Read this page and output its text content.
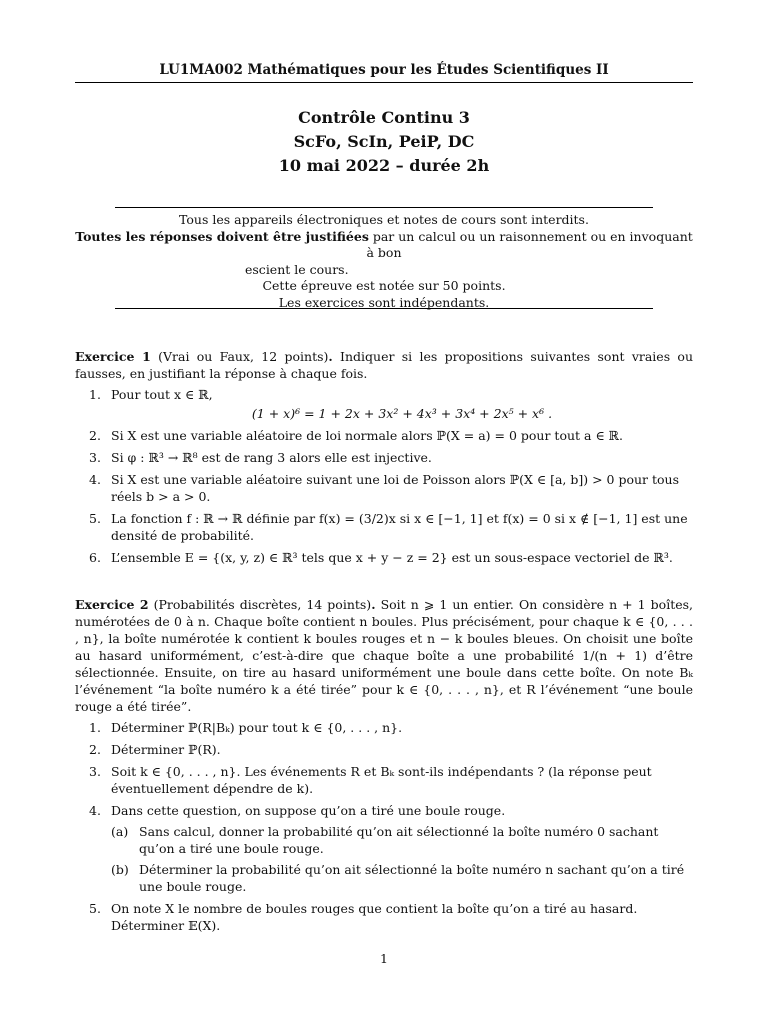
LU1MA002 Mathématiques pour les Études Scientifiques II
Contrôle Continu 3
ScFo, ScIn, PeiP, DC
10 mai 2022 – durée 2h
Tous les appareils électroniques et notes de cours sont interdits.
Toutes les réponses doivent être justifiées par un calcul ou un raisonnement ou en invoquant à bon
escient le cours.
Cette épreuve est notée sur 50 points.
Les exercices sont indépendants.
Exercice 1 (Vrai ou Faux, 12 points). Indiquer si les propositions suivantes sont vraies ou fausses, en justifiant la réponse à chaque fois.
1. Pour tout x ∈ ℝ,
(1 + x)⁶ = 1 + 2x + 3x² + 4x³ + 3x⁴ + 2x⁵ + x⁶ .
2. Si X est une variable aléatoire de loi normale alors ℙ(X = a) = 0 pour tout a ∈ ℝ.
3. Si φ : ℝ³ → ℝ⁸ est de rang 3 alors elle est injective.
4. Si X est une variable aléatoire suivant une loi de Poisson alors ℙ(X ∈ [a, b]) > 0 pour tous réels b > a > 0.
5. La fonction f : ℝ → ℝ définie par f(x) = (3/2)x si x ∈ [−1, 1] et f(x) = 0 si x ∉ [−1, 1] est une densité de probabilité.
6. L’ensemble E = {(x, y, z) ∈ ℝ³ tels que x + y − z = 2} est un sous-espace vectoriel de ℝ³.
Exercice 2 (Probabilités discrètes, 14 points). Soit n ⩾ 1 un entier. On considère n + 1 boîtes, numérotées de 0 à n. Chaque boîte contient n boules. Plus précisément, pour chaque k ∈ {0, . . . , n}, la boîte numérotée k contient k boules rouges et n − k boules bleues. On choisit une boîte au hasard uniformément, c’est-à-dire que chaque boîte a une probabilité 1/(n + 1) d’être sélectionnée. Ensuite, on tire au hasard uniformément une boule dans cette boîte. On note Bₖ l’événement “la boîte numéro k a été tirée” pour k ∈ {0, . . . , n}, et R l’événement “une boule rouge a été tirée”.
1. Déterminer ℙ(R|Bₖ) pour tout k ∈ {0, . . . , n}.
2. Déterminer ℙ(R).
3. Soit k ∈ {0, . . . , n}. Les événements R et Bₖ sont-ils indépendants ? (la réponse peut éventuellement dépendre de k).
4. Dans cette question, on suppose qu’on a tiré une boule rouge.
(a) Sans calcul, donner la probabilité qu’on ait sélectionné la boîte numéro 0 sachant qu’on a tiré une boule rouge.
(b) Déterminer la probabilité qu’on ait sélectionné la boîte numéro n sachant qu’on a tiré une boule rouge.
5. On note X le nombre de boules rouges que contient la boîte qu’on a tiré au hasard. Déterminer 𝔼(X).
1
